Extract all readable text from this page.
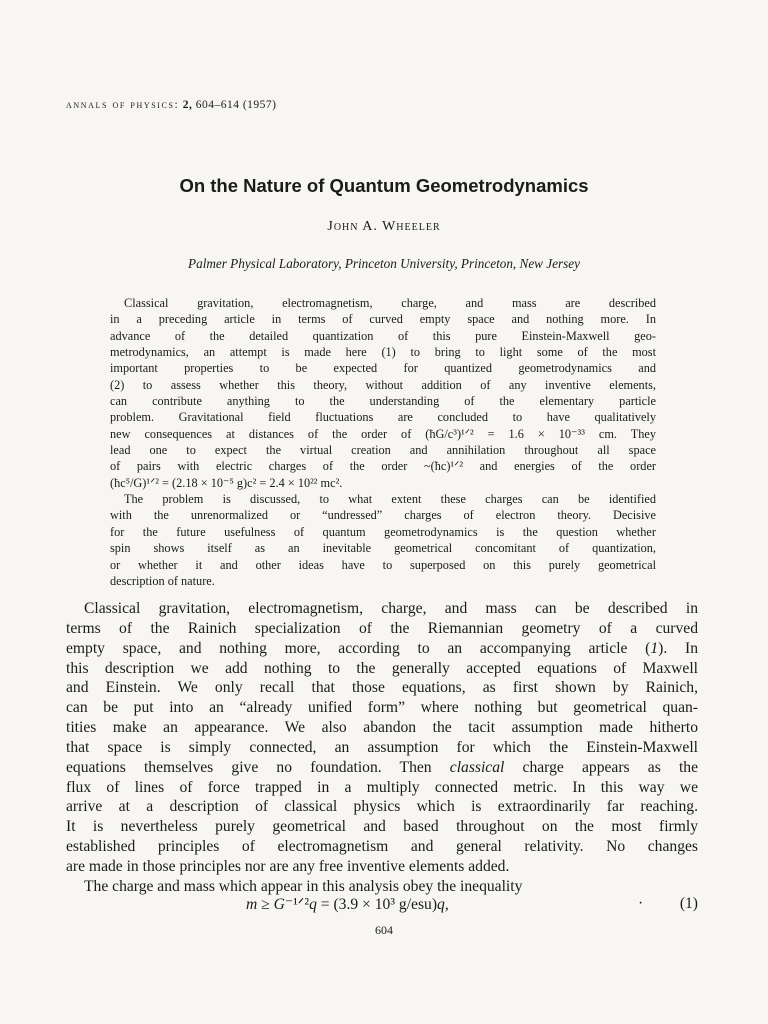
annals of physics: 2, 604–614 (1957)
On the Nature of Quantum Geometrodynamics
John A. Wheeler
Palmer Physical Laboratory, Princeton University, Princeton, New Jersey
Classical gravitation, electromagnetism, charge, and mass are described
in a preceding article in terms of curved empty space and nothing more. In
advance of the detailed quantization of this pure Einstein-Maxwell geo-
metrodynamics, an attempt is made here (1) to bring to light some of the most
important properties to be expected for quantized geometrodynamics and
(2) to assess whether this theory, without addition of any inventive elements,
can contribute anything to the understanding of the elementary particle
problem. Gravitational field fluctuations are concluded to have qualitatively
new consequences at distances of the order of (ħG/c³)¹ᐟ² = 1.6 × 10⁻³³ cm. They
lead one to expect the virtual creation and annihilation throughout all space
of pairs with electric charges of the order ~(ħc)¹ᐟ² and energies of the order
(ħc⁵/G)¹ᐟ² = (2.18 × 10⁻⁵ g)c² = 2.4 × 10²² mc².
The problem is discussed, to what extent these charges can be identified
with the unrenormalized or “undressed” charges of electron theory. Decisive
for the future usefulness of quantum geometrodynamics is the question whether
spin shows itself as an inevitable geometrical concomitant of quantization,
or whether it and other ideas have to superposed on this purely geometrical
description of nature.
Classical gravitation, electromagnetism, charge, and mass can be described in
terms of the Rainich specialization of the Riemannian geometry of a curved
empty space, and nothing more, according to an accompanying article (1). In
this description we add nothing to the generally accepted equations of Maxwell
and Einstein. We only recall that those equations, as first shown by Rainich,
can be put into an “already unified form” where nothing but geometrical quan-
tities make an appearance. We also abandon the tacit assumption made hitherto
that space is simply connected, an assumption for which the Einstein-Maxwell
equations themselves give no foundation. Then classical charge appears as the
flux of lines of force trapped in a multiply connected metric. In this way we
arrive at a description of classical physics which is extraordinarily far reaching.
It is nevertheless purely geometrical and based throughout on the most firmly
established principles of electromagnetism and general relativity. No changes
are made in those principles nor are any free inventive elements added.
The charge and mass which appear in this analysis obey the inequality
m ≥ G⁻¹ᐟ²q = (3.9 × 10³ g/esu)q,	· (1)
604
